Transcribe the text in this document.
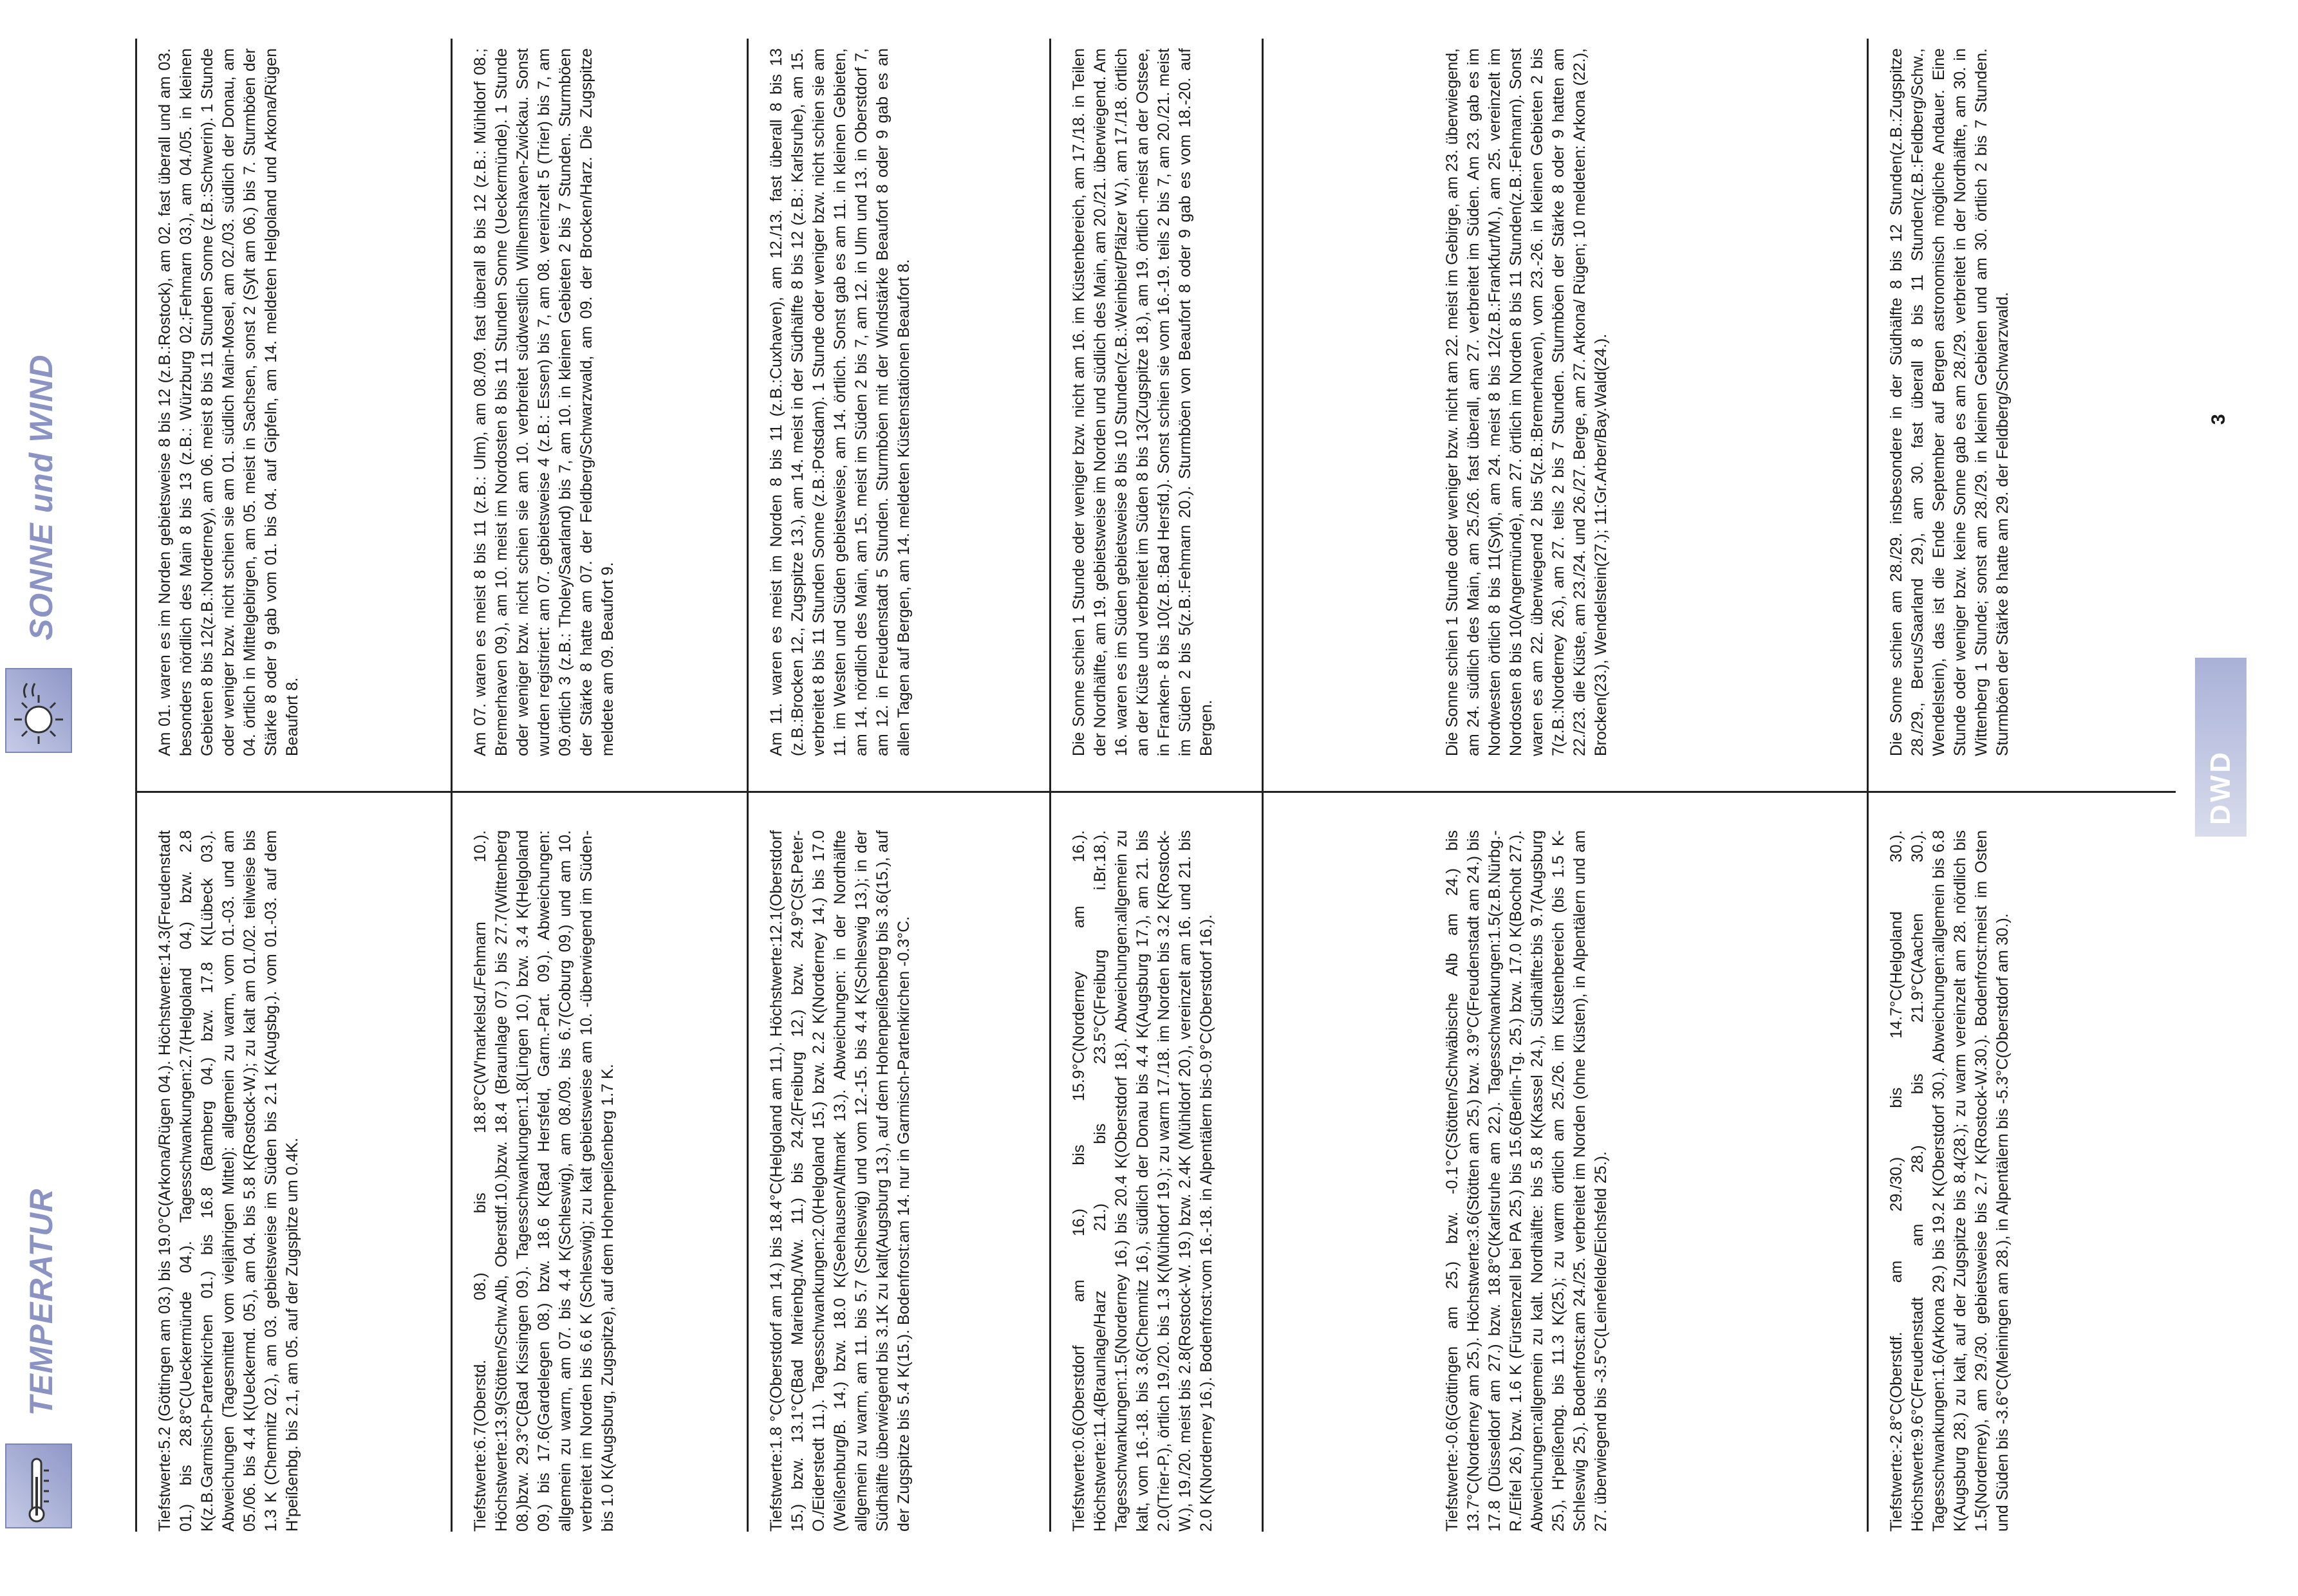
TEMPERATUR
SONNE und WIND

Tiefstwerte:5.2 (Göttingen am 03.) bis 19.0°C(Arkona/Rügen 04.). Höchstwerte:14.3(Freudenstadt 01.) bis 28.8°C(Ueckermünde 04.). Tagesschwankungen:2.7(Helgoland 04.) bzw. 2.8 K(z.B.Garmisch-Partenkirchen 01.) bis 16.8 (Bamberg 04.) bzw. 17.8 K(Lübeck 03.). Abweichungen (Tagesmittel vom vieljährigen Mittel): allgemein zu warm, vom 01.-03. und am 05./06. bis 4.4 K(Ueckermd. 05.), am 04. bis 5.8 K(Rostock-W.); zu kalt am 01./02. teilweise bis 1.3 K (Chemnitz 02.), am 03. gebietsweise im Süden bis 2.1 K(Augsbg.). vom 01.-03. auf dem H'peißenbg. bis 2.1, am 05. auf der Zugspitze um 0.4K.	Tiefstwerte:6.7(Oberstd. 08.) bis 18.8°C(W'markelsd./Fehmarn 10.). Höchstwerte:13.9(Stötten/Schw.Alb, Oberstdf.10.)bzw. 18.4 (Braunlage 07.) bis 27.7(Wittenberg 08.)bzw. 29.3°C(Bad Kissingen 09.). Tagesschwankungen:1.8(Lingen 10.) bzw. 3.4 K(Helgoland 09.) bis 17.6(Gardelegen 08.) bzw. 18.6 K(Bad Hersfeld, Garm.-Part. 09.). Abweichungen: allgemein zu warm, am 07. bis 4.4 K(Schleswig), am 08./09. bis 6.7(Coburg 09.) und am 10. verbreitet im Norden bis 6.6 K (Schleswig); zu kalt gebietsweise am 10. -überwiegend im Süden- bis 1.0 K(Augsburg, Zugspitze), auf dem Hohenpeißenberg 1.7 K.	Tiefstwerte:1.8 °C(Oberstdorf am 14.) bis 18.4°C(Helgoland am 11.). Höchstwerte:12.1(Oberstdorf 15.) bzw. 13.1°C(Bad Marienbg./Ww. 11.) bis 24.2(Freiburg 12.) bzw. 24.9°C(St.Peter-O./Eiderstedt 11.). Tagesschwankungen:2.0(Helgoland 15.) bzw. 2.2 K(Norderney 14.) bis 17.0 (Weißenburg/B. 14.) bzw. 18.0 K(Seehausen/Altmark 13.). Abweichungen: in der Nordhälfte allgemein zu warm, am 11. bis 5.7 (Schleswig) und vom 12.-15. bis 4.4 K(Schleswig 13.); in der Südhälfte überwiegend bis 3.1K zu kalt(Augsburg 13.), auf dem Hohenpeißenberg bis 3.6(15.), auf der Zugspitze bis 5.4 K(15.). Bodenfrost:am 14. nur in Garmisch-Partenkirchen -0.3°C.	Tiefstwerte:0.6(Oberstdorf am 16.) bis 15.9°C(Norderney am 16.). Höchstwerte:11.4(Braunlage/Harz 21.) bis 23.5°C(Freiburg i.Br.18.). Tagesschwankungen:1.5(Norderney 16.) bis 20.4 K(Oberstdorf 18.). Abweichungen:allgemein zu kalt, vom 16.-18. bis 3.6(Chemnitz 16.), südlich der Donau bis 4.4 K(Augsburg 17.), am 21. bis 2.0(Trier-P.), örtlich 19./20. bis 1.3 K(Mühldorf 19.); zu warm 17./18. im Norden bis 3.2 K(Rostock-W.), 19./20. meist bis 2.8(Rostock-W. 19.) bzw. 2.4K (Mühldorf 20.), vereinzelt am 16. und 21. bis 2.0 K(Norderney 16.). Bodenfrost:vom 16.-18. in Alpentälern bis-0.9°C(Oberstdorf 16.).	Tiefstwerte:-0.6(Göttingen am 25.) bzw. -0.1°C(Stötten/Schwäbische Alb am 24.) bis 13.7°C(Norderney am 25.). Höchstwerte:3.6(Stötten am 25.) bzw. 3.9°C(Freudenstadt am 24.) bis 17.8 (Düsseldorf am 27.) bzw. 18.8°C(Karlsruhe am 22.). Tagesschwankungen:1.5(z.B.Nürbg.-R./Eifel 26.) bzw. 1.6 K (Fürstenzell bei PA 25.) bis 15.6(Berlin-Tg. 25.) bzw. 17.0 K(Bocholt 27.). Abweichungen:allgemein zu kalt. Nordhälfte: bis 5.8 K(Kassel 24.), Südhälfte:bis 9.7(Augsburg 25.), H'peißenbg. bis 11.3 K(25.); zu warm örtlich am 25./26. im Küstenbereich (bis 1.5 K-Schleswig 25.). Bodenfrost:am 24./25. verbreitet im Norden (ohne Küsten), in Alpentälern und am 27. überwiegend bis -3.5°C(Leinefelde/Eichsfeld 25.).	Tiefstwerte:-2.8°C(Oberstdf. am 29./30.) bis 14.7°C(Helgoland 30.). Höchstwerte:9.6°C(Freudenstadt am 28.) bis 21.9°C(Aachen 30.). Tagesschwankungen:1.6(Arkona 29.) bis 19.2 K(Oberstdorf 30.). Abweichungen:allgemein bis 6.8 K(Augsburg 28.) zu kalt, auf der Zugspitze bis 8.4(28.); zu warm vereinzelt am 28. nördlich bis 1.5(Norderney), am 29./30. gebietsweise bis 2.7 K(Rostock-W.30.). Bodenfrost:meist im Osten und Süden bis -3.6°C(Meiningen am 28.), in Alpentälern bis -5.3°C(Oberstdorf am 30.).

Am 01. waren es im Norden gebietsweise 8 bis 12 (z.B.:Rostock), am 02. fast überall und am 03. besonders nördlich des Main 8 bis 13 (z.B.: Würzburg 02.;Fehmarn 03.), am 04./05. in kleinen Gebieten 8 bis 12(z.B.:Norderney), am 06. meist 8 bis 11 Stunden Sonne (z.B.:Schwerin). 1 Stunde oder weniger bzw. nicht schien sie am 01. südlich Main-Mosel, am 02./03. südlich der Donau, am 04. örtlich in Mittelgebirgen, am 05. meist in Sachsen, sonst 2 (Sylt am 06.) bis 7. Sturmböen der Stärke 8 oder 9 gab vom 01. bis 04. auf Gipfeln, am 14. meldeten Helgoland und Arkona/Rügen Beaufort 8.	Am 07. waren es meist 8 bis 11 (z.B.: Ulm), am 08./09. fast überall 8 bis 12 (z.B.: Mühldorf 08.; Bremerhaven 09.), am 10. meist im Nordosten 8 bis 11 Stunden Sonne (Ueckermünde). 1 Stunde oder weniger bzw. nicht schien sie am 10. verbreitet südwestlich Wilhemshaven-Zwickau. Sonst wurden registriert: am 07. gebietsweise 4 (z.B.: Essen) bis 7, am 08. vereinzelt 5 (Trier) bis 7, am 09.örtlich 3 (z.B.: Tholey/Saarland) bis 7, am 10. in kleinen Gebieten 2 bis 7 Stunden. Sturmböen der Stärke 8 hatte am 07. der Feldberg/Schwarzwald, am 09. der Brocken/Harz. Die Zugspitze meldete am 09. Beaufort 9.	Am 11. waren es meist im Norden 8 bis 11 (z.B.:Cuxhaven), am 12./13. fast überall 8 bis 13 (z.B.:Brocken 12., Zugspitze 13.), am 14. meist in der Südhälfte 8 bis 12 (z.B.: Karlsruhe), am 15. verbreitet 8 bis 11 Stunden Sonne (z.B.:Potsdam). 1 Stunde oder weniger bzw. nicht schien sie am 11. im Westen und Süden gebietsweise, am 14. örtlich. Sonst gab es am 11. in kleinen Gebieten, am 14. nördlich des Main, am 15. meist im Süden 2 bis 7, am 12. in Ulm und 13. in Oberstdorf 7, am 12. in Freudenstadt 5 Stunden. Sturmböen mit der Windstärke Beaufort 8 oder 9 gab es an allen Tagen auf Bergen, am 14. meldeten Küstenstationen Beaufort 8.	Die Sonne schien 1 Stunde oder weniger bzw. nicht am 16. im Küstenbereich, am 17./18. in Teilen der Nordhälfte, am 19. gebietsweise im Norden und südlich des Main, am 20./21. überwiegend. Am 16. waren es im Süden gebietsweise 8 bis 10 Stunden(z.B.:Weinbiet/Pfälzer W.), am 17./18. örtlich an der Küste und verbreitet im Süden 8 bis 13(Zugspitze 18.), am 19. örtlich -meist an der Ostsee, in Franken- 8 bis 10(z.B.:Bad Hersfd.). Sonst schien sie vom 16.-19. teils 2 bis 7, am 20./21. meist im Süden 2 bis 5(z.B.:Fehmarn 20.). Sturmböen von Beaufort 8 oder 9 gab es vom 18.-20. auf Bergen.	Die Sonne schien 1 Stunde oder weniger bzw. nicht am 22. meist im Gebirge, am 23. überwiegend, am 24. südlich des Main, am 25./26. fast überall, am 27. verbreitet im Süden. Am 23. gab es im Nordwesten örtlich 8 bis 11(Sylt), am 24. meist 8 bis 12(z.B.:Frankfurt/M.), am 25. vereinzelt im Nordosten 8 bis 10(Angermünde), am 27. örtlich im Norden 8 bis 11 Stunden(z.B.:Fehmarn). Sonst waren es am 22. überwiegend 2 bis 5(z.B.:Bremerhaven), vom 23.-26. in kleinen Gebieten 2 bis 7(z.B.:Norderney 26.), am 27. teils 2 bis 7 Stunden. Sturmböen der Stärke 8 oder 9 hatten am 22./23. die Küste, am 23./24. und 26./27. Berge, am 27. Arkona/ Rügen; 10 meldeten: Arkona (22.), Brocken(23.), Wendelstein(27.); 11:Gr.Arber/Bay.Wald(24.).	Die Sonne schien am 28./29. insbesondere in der Südhälfte 8 bis 12 Stunden(z.B.:Zugspitze 28./29., Berus/Saarland 29.), am 30. fast überall 8 bis 11 Stunden(z.B.:Feldberg/Schw., Wendelstein), das ist die Ende September auf Bergen astronomisch mögliche Andauer. Eine Stunde oder weniger bzw. keine Sonne gab es am 28./29. verbreitet in der Nordhälfte, am 30. in Wittenberg 1 Stunde; sonst am 28./29. in kleinen Gebieten und am 30. örtlich 2 bis 7 Stunden. Sturmböen der Stärke 8 hatte am 29. der Feldberg/Schwarzwald.

DWD 09/02
3
